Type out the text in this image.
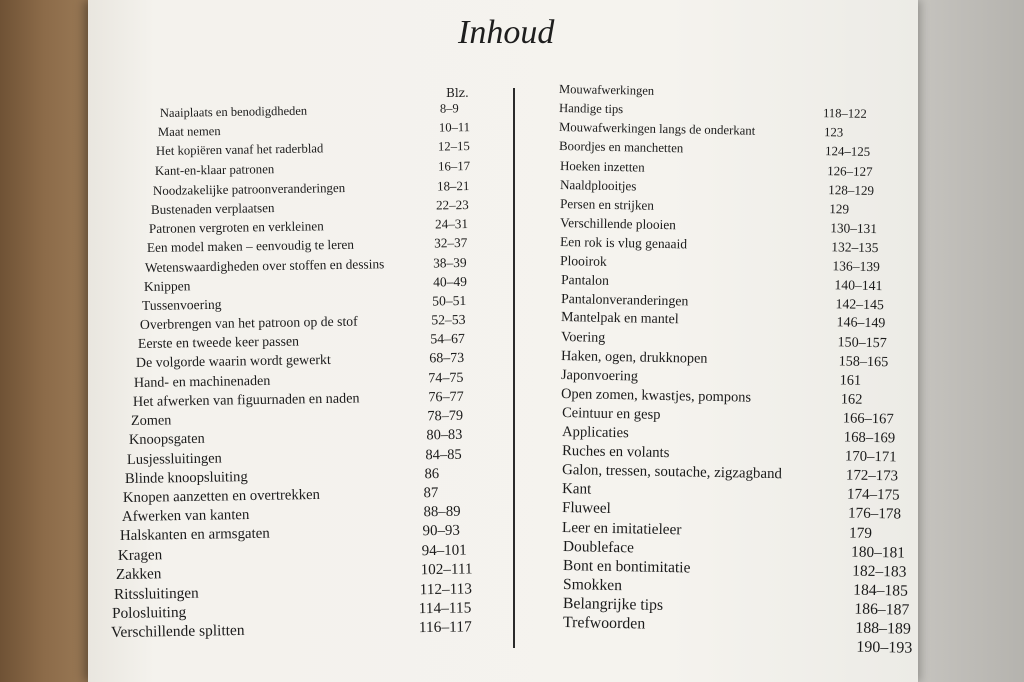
Inhoud
Blz.
Naaiplaats en benodigdheden	8–9
Maat nemen	10–11
Het kopiëren vanaf het raderblad	12–15
Kant-en-klaar patronen	16–17
Noodzakelijke patroonveranderingen	18–21
Bustenaden verplaatsen	22–23
Patronen vergroten en verkleinen	24–31
Een model maken – eenvoudig te leren	32–37
Wetenswaardigheden over stoffen en dessins	38–39
Knippen	40–49
Tussenvoering	50–51
Overbrengen van het patroon op de stof	52–53
Eerste en tweede keer passen	54–67
De volgorde waarin wordt gewerkt	68–73
Hand- en machinenaden	74–75
Het afwerken van figuurnaden en naden	76–77
Zomen	78–79
Knoopsgaten	80–83
Lusjessluitingen	84–85
Blinde knoopsluiting	86
Knopen aanzetten en overtrekken	87
Afwerken van kanten	88–89
Halskanten en armsgaten	90–93
Kragen	94–101
Zakken	102–111
Ritssluitingen	112–113
Polosluiting	114–115
Verschillende splitten	116–117
Mouwafwerkingen
Handige tips	118–122
Mouwafwerkingen langs de onderkant	123
Boordjes en manchetten	124–125
Hoeken inzetten	126–127
Naaldplooitjes	128–129
Persen en strijken	129
Verschillende plooien	130–131
Een rok is vlug genaaid	132–135
Plooirok	136–139
Pantalon	140–141
Pantalonveranderingen	142–145
Mantelpak en mantel	146–149
Voering	150–157
Haken, ogen, drukknopen	158–165
Japonvoering	161
Open zomen, kwastjes, pompons	162
Ceintuur en gesp	166–167
Applicaties	168–169
Ruches en volants	170–171
Galon, tressen, soutache, zigzagband	172–173
Kant	174–175
Fluweel	176–178
Leer en imitatieleer	179
Doubleface	180–181
Bont en bontimitatie	182–183
Smokken	184–185
Belangrijke tips	186–187
Trefwoorden	188–189
190–193
